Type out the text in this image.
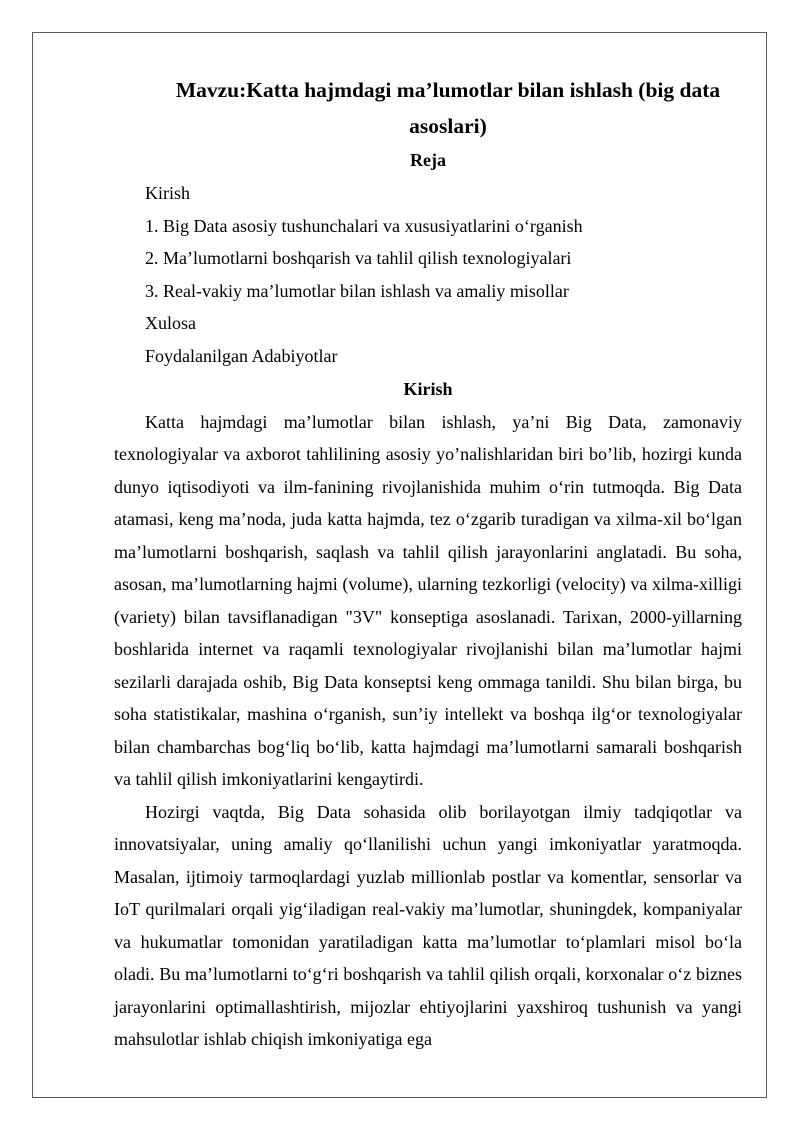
Mavzu:Katta hajmdagi ma’lumotlar bilan ishlash (big data asoslari)
Reja
Kirish
1. Big Data asosiy tushunchalari va xususiyatlarini o‘rganish
2. Ma’lumotlarni boshqarish va tahlil qilish texnologiyalari
3. Real-vakiy ma’lumotlar bilan ishlash va amaliy misollar
Xulosa
Foydalanilgan Adabiyotlar
Kirish

Katta hajmdagi ma’lumotlar bilan ishlash, ya’ni Big Data, zamonaviy texnologiyalar va axborot tahlilining asosiy yo’nalishlaridan biri bo’lib, hozirgi kunda dunyo iqtisodiyoti va ilm-fanining rivojlanishida muhim o‘rin tutmoqda. Big Data atamasi, keng ma’noda, juda katta hajmda, tez o‘zgarib turadigan va xilma-xil bo‘lgan ma’lumotlarni boshqarish, saqlash va tahlil qilish jarayonlarini anglatadi. Bu soha, asosan, ma’lumotlarning hajmi (volume), ularning tezkorligi (velocity) va xilma-xilligi (variety) bilan tavsiflanadigan "3V" konseptiga asoslanadi. Tarixan, 2000-yillarning boshlarida internet va raqamli texnologiyalar rivojlanishi bilan ma’lumotlar hajmi sezilarli darajada oshib, Big Data konseptsi keng ommaga tanildi. Shu bilan birga, bu soha statistikalar, mashina o‘rganish, sun’iy intellekt va boshqa ilg‘or texnologiyalar bilan chambarchas bog‘liq bo‘lib, katta hajmdagi ma’lumotlarni samarali boshqarish va tahlil qilish imkoniyatlarini kengaytirdi.

Hozirgi vaqtda, Big Data sohasida olib borilayotgan ilmiy tadqiqotlar va innovatsiyalar, uning amaliy qo‘llanilishi uchun yangi imkoniyatlar yaratmoqda. Masalan, ijtimoiy tarmoqlardagi yuzlab millionlab postlar va komentlar, sensorlar va IoT qurilmalari orqali yig‘iladigan real-vakiy ma’lumotlar, shuningdek, kompaniyalar va hukumatlar tomonidan yaratiladigan katta ma’lumotlar to‘plamlari misol bo‘la oladi. Bu ma’lumotlarni to‘g‘ri boshqarish va tahlil qilish orqali, korxonalar o‘z biznes jarayonlarini optimallashtirish, mijozlar ehtiyojlarini yaxshiroq tushunish va yangi mahsulotlar ishlab chiqish imkoniyatiga ega
